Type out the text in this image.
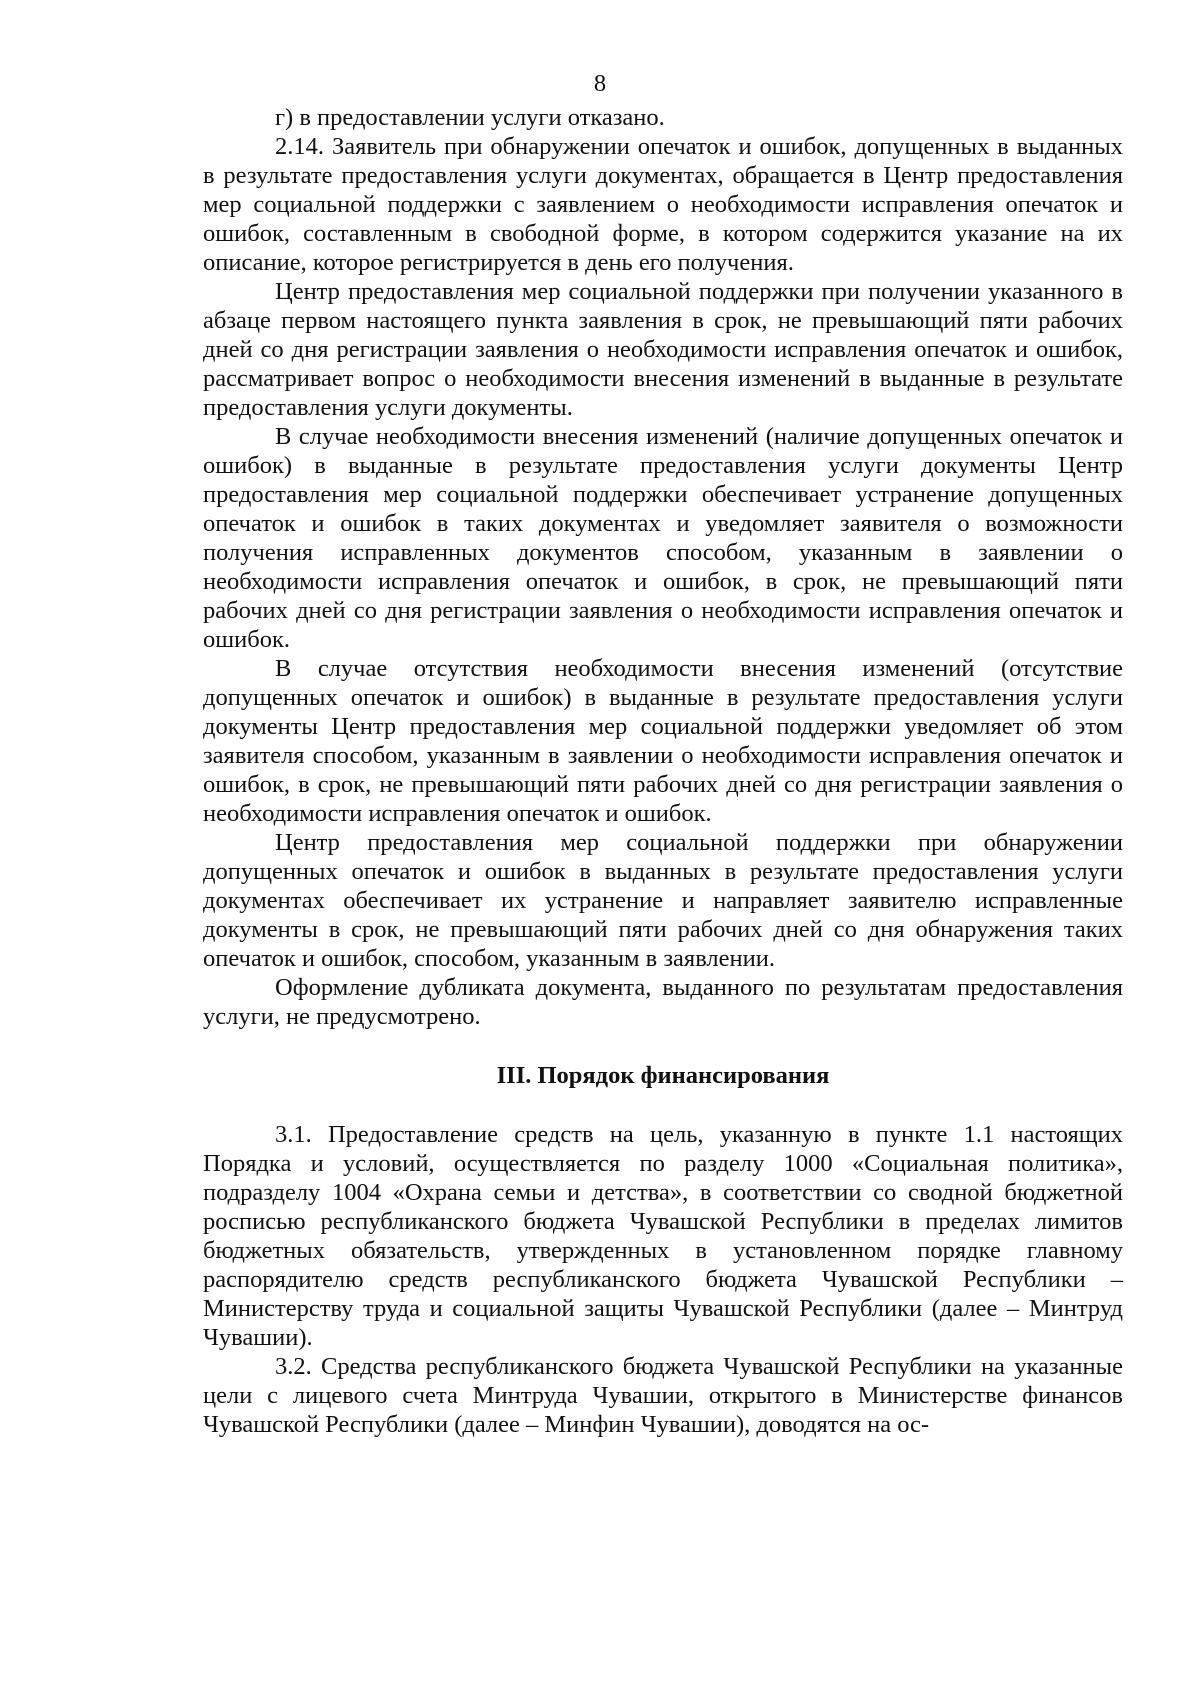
8

г) в предоставлении услуги отказано.

2.14. Заявитель при обнаружении опечаток и ошибок, допущенных в выданных в результате предоставления услуги документах, обращается в Центр предоставления мер социальной поддержки с заявлением о необходимости исправления опечаток и ошибок, составленным в свободной форме, в котором содержится указание на их описание, которое регистрируется в день его получения.

Центр предоставления мер социальной поддержки при получении указанного в абзаце первом настоящего пункта заявления в срок, не превышающий пяти рабочих дней со дня регистрации заявления о необходимости исправления опечаток и ошибок, рассматривает вопрос о необходимости внесения изменений в выданные в результате предоставления услуги документы.

В случае необходимости внесения изменений (наличие допущенных опечаток и ошибок) в выданные в результате предоставления услуги документы Центр предоставления мер социальной поддержки обеспечивает устранение допущенных опечаток и ошибок в таких документах и уведомляет заявителя о возможности получения исправленных документов способом, указанным в заявлении о необходимости исправления опечаток и ошибок, в срок, не превышающий пяти рабочих дней со дня регистрации заявления о необходимости исправления опечаток и ошибок.

В случае отсутствия необходимости внесения изменений (отсутствие допущенных опечаток и ошибок) в выданные в результате предоставления услуги документы Центр предоставления мер социальной поддержки уведомляет об этом заявителя способом, указанным в заявлении о необходимости исправления опечаток и ошибок, в срок, не превышающий пяти рабочих дней со дня регистрации заявления о необходимости исправления опечаток и ошибок.

Центр предоставления мер социальной поддержки при обнаружении допущенных опечаток и ошибок в выданных в результате предоставления услуги документах обеспечивает их устранение и направляет заявителю исправленные документы в срок, не превышающий пяти рабочих дней со дня обнаружения таких опечаток и ошибок, способом, указанным в заявлении.

Оформление дубликата документа, выданного по результатам предоставления услуги, не предусмотрено.

III. Порядок финансирования

3.1. Предоставление средств на цель, указанную в пункте 1.1 настоящих Порядка и условий, осуществляется по разделу 1000 «Социальная политика», подразделу 1004 «Охрана семьи и детства», в соответствии со сводной бюджетной росписью республиканского бюджета Чувашской Республики в пределах лимитов бюджетных обязательств, утвержденных в установленном порядке главному распорядителю средств республиканского бюджета Чувашской Республики – Министерству труда и социальной защиты Чувашской Республики (далее – Минтруд Чувашии).

3.2. Средства республиканского бюджета Чувашской Республики на указанные цели с лицевого счета Минтруда Чувашии, открытого в Министерстве финансов Чувашской Республики (далее – Минфин Чувашии), доводятся на ос-
